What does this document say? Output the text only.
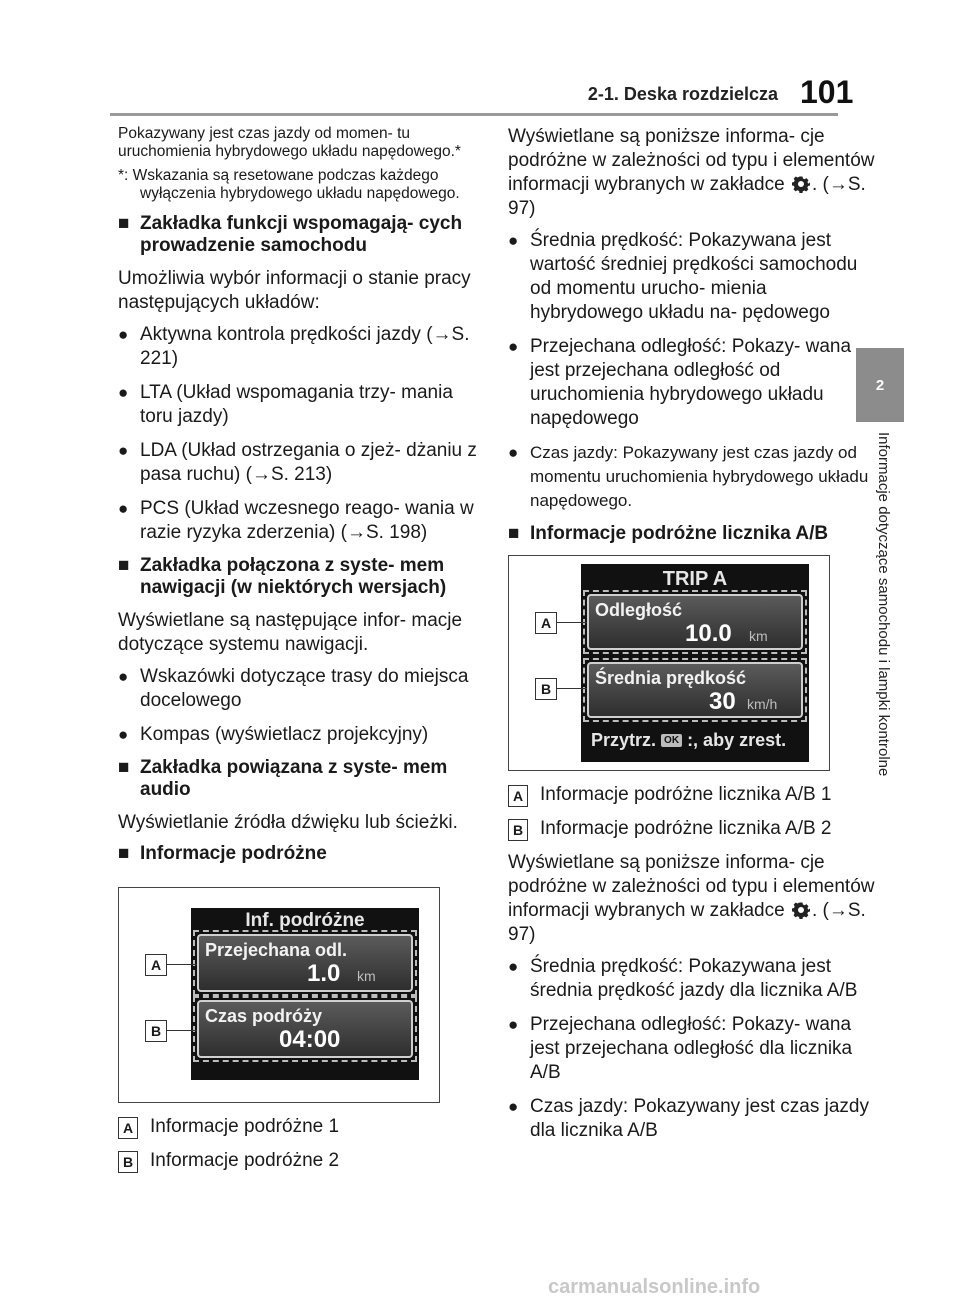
2-1. Deska rozdzielcza 101
2
Informacje dotyczące samochodu i lampki kontrolne

Pokazywany jest czas jazdy od momen- tu uruchomienia hybrydowego układu napędowego.*

*: Wskazania są resetowane podczas każdego wyłączenia hybrydowego układu napędowego.

■ Zakładka funkcji wspomagają- cych prowadzenie samochodu

Umożliwia wybór informacji o stanie pracy następujących układów:

● Aktywna kontrola prędkości jazdy (→S. 221)
● LTA (Układ wspomagania trzy- mania toru jazdy)
● LDA (Układ ostrzegania o zjeż- dżaniu z pasa ruchu) (→S. 213)
● PCS (Układ wczesnego reago- wania w razie ryzyka zderzenia) (→S. 198)
■ Zakładka połączona z syste- mem nawigacji (w niektórych wersjach)

Wyświetlane są następujące infor- macje dotyczące systemu nawigacji.

● Wskazówki dotyczące trasy do miejsca docelowego
● Kompas (wyświetlacz projekcyjny)
■ Zakładka powiązana z syste- mem audio

Wyświetlanie źródła dźwięku lub ścieżki.

■ Informacje podróżne
Inf. podróżne
Przejechana odl.
1.0 km
Czas podróży
04:00
A
B
A Informacje podróżne 1
B Informacje podróżne 2

Wyświetlane są poniższe informa- cje podróżne w zależności od typu i elementów informacji wybranych w zakładce . (→S. 97)

● Średnia prędkość: Pokazywana jest wartość średniej prędkości samochodu od momentu urucho- mienia hybrydowego układu na- pędowego
● Przejechana odległość: Pokazy- wana jest przejechana odległość od uruchomienia hybrydowego układu napędowego
● Czas jazdy: Pokazywany jest czas jazdy od momentu uruchomienia hybrydowego układu napędowego.
■ Informacje podróżne licznika A/B
TRIP A
Odległość
10.0 km
Średnia prędkość
30 km/h
Przytrz. OK :, aby zrest.
A
B
A Informacje podróżne licznika A/B 1
B Informacje podróżne licznika A/B 2

Wyświetlane są poniższe informa- cje podróżne w zależności od typu i elementów informacji wybranych w zakładce . (→S. 97)

● Średnia prędkość: Pokazywana jest średnia prędkość jazdy dla licznika A/B
● Przejechana odległość: Pokazy- wana jest przejechana odległość dla licznika A/B
● Czas jazdy: Pokazywany jest czas jazdy dla licznika A/B
carmanualsonline.info
